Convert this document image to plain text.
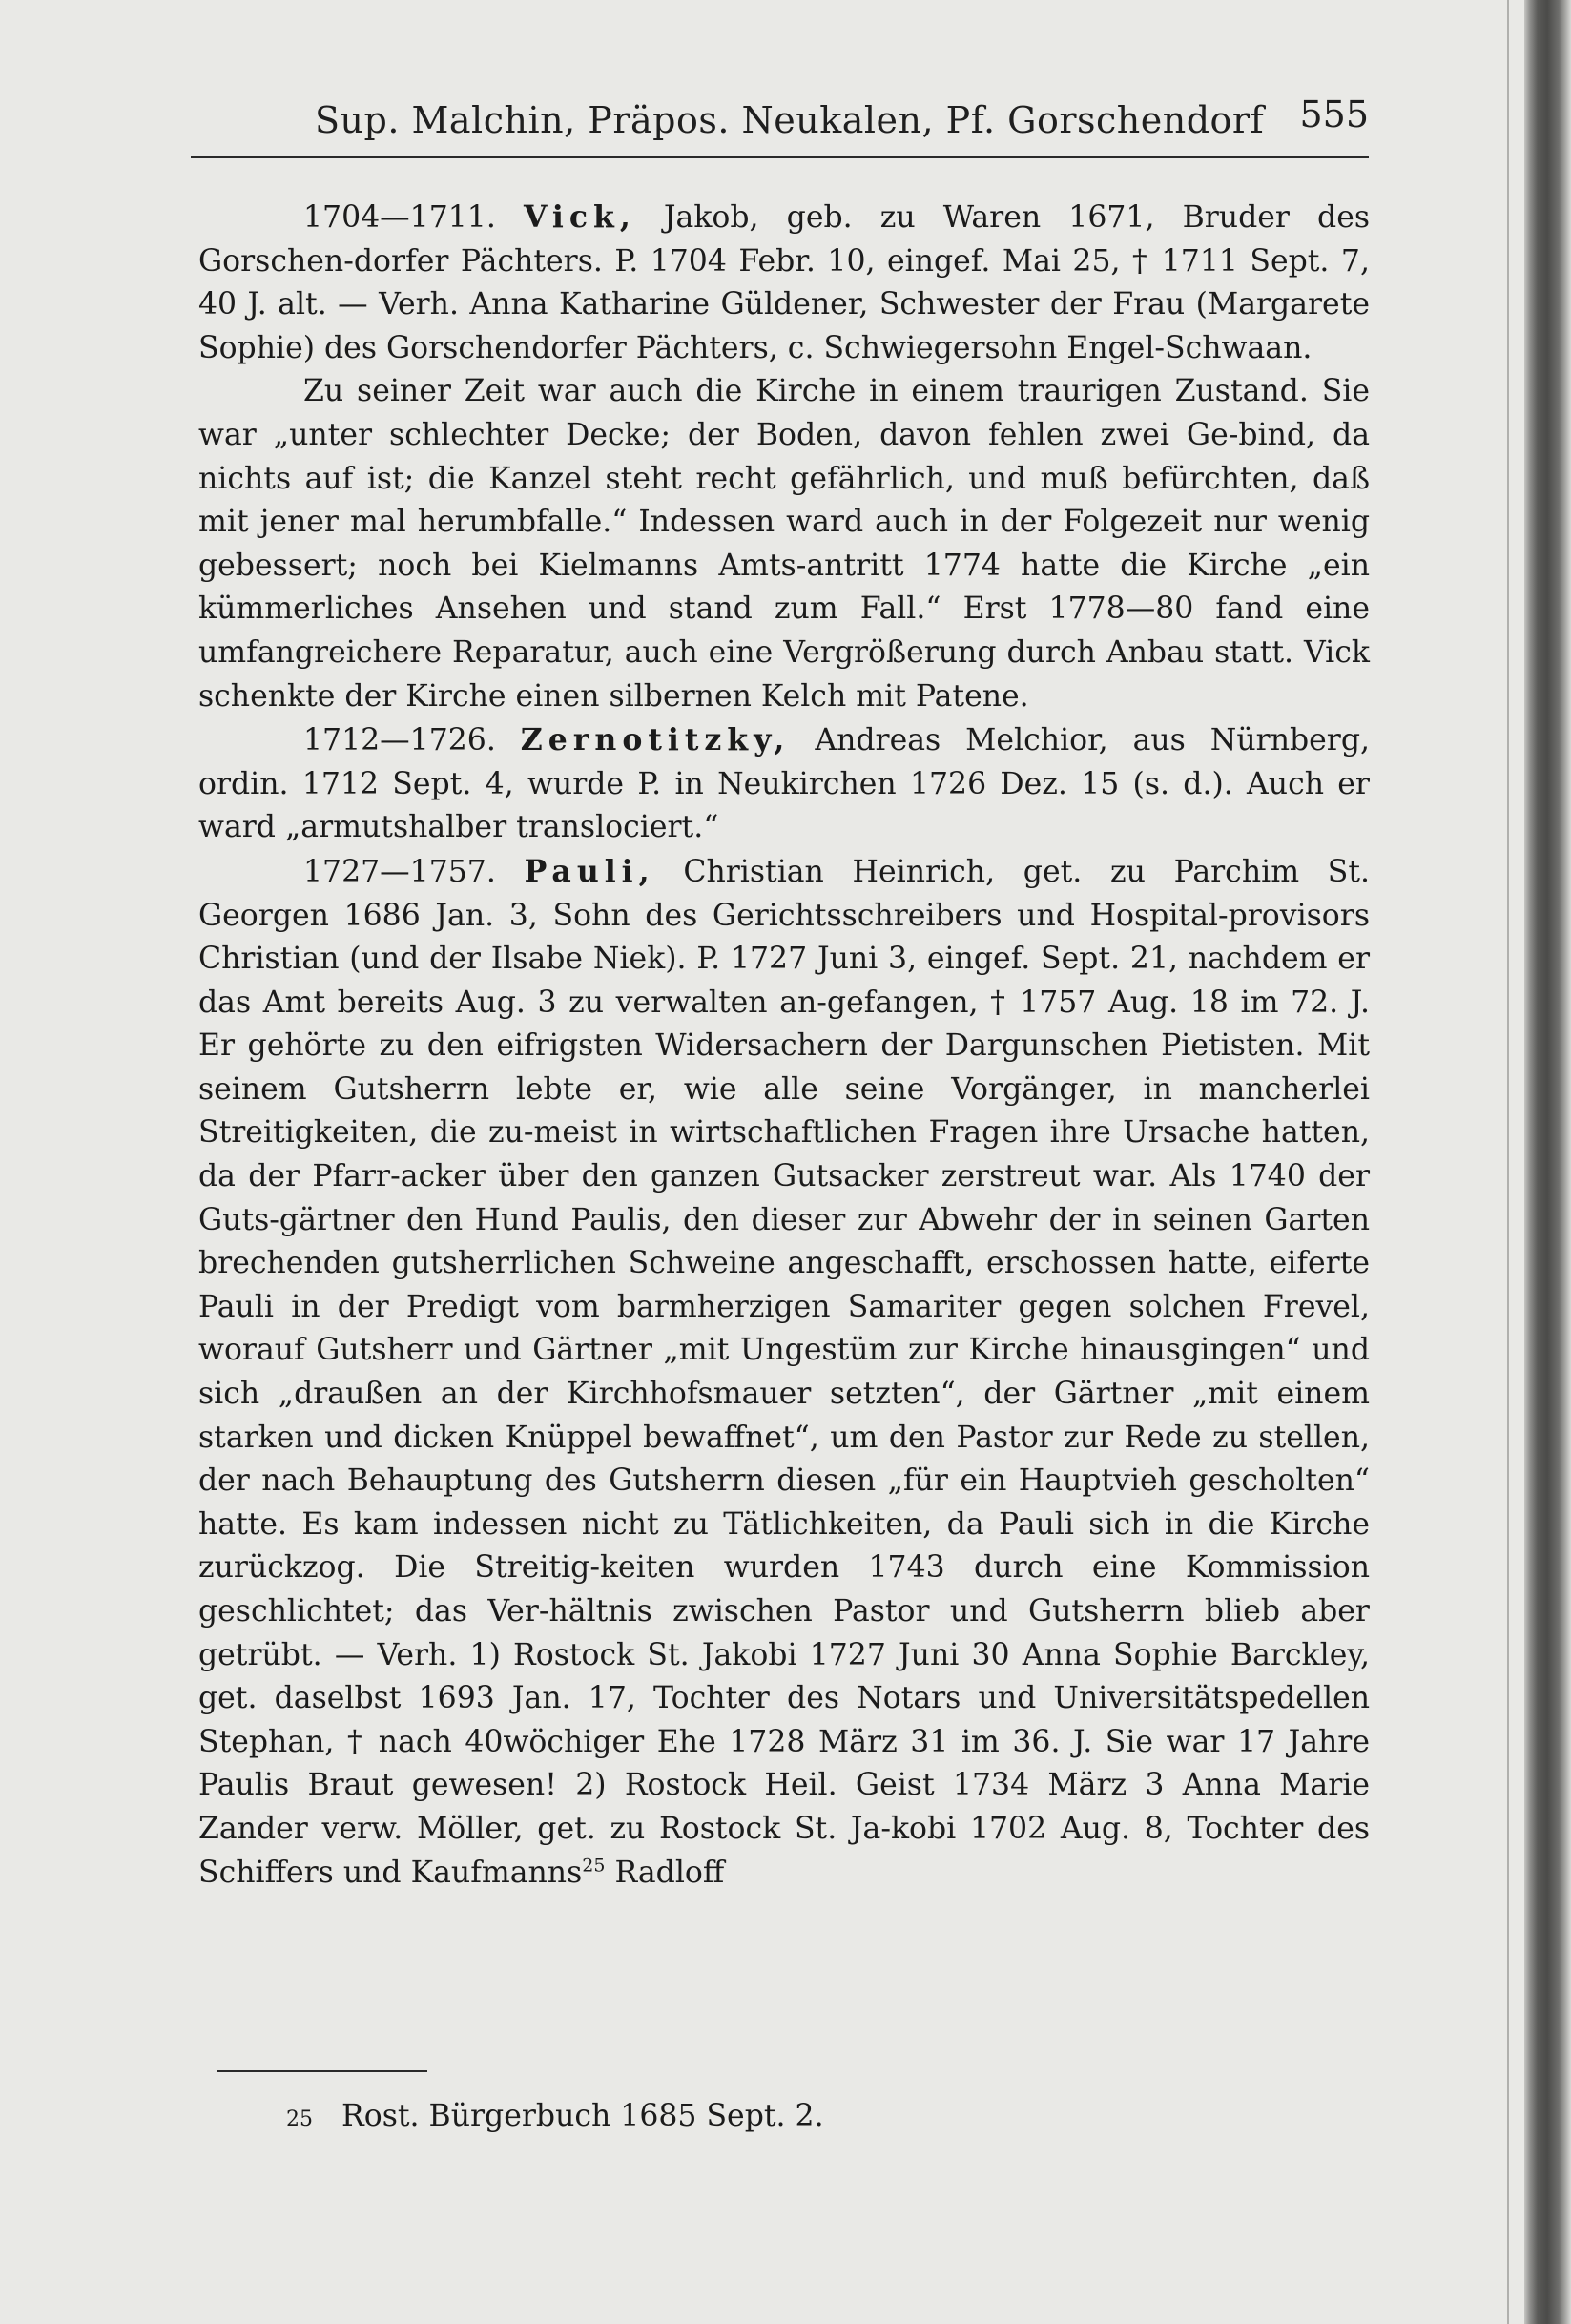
Sup. Malchin, Präpos. Neukalen, Pf. Gorschendorf 555

1704—1711. Vick, Jakob, geb. zu Waren 1671, Bruder des Gorschen-dorfer Pächters. P. 1704 Febr. 10, eingef. Mai 25, † 1711 Sept. 7, 40 J. alt. — Verh. Anna Katharine Güldener, Schwester der Frau (Margarete Sophie) des Gorschendorfer Pächters, c. Schwiegersohn Engel-Schwaan.

Zu seiner Zeit war auch die Kirche in einem traurigen Zustand. Sie war „unter schlechter Decke; der Boden, davon fehlen zwei Ge-bind, da nichts auf ist; die Kanzel steht recht gefährlich, und muß befürchten, daß mit jener mal herumbfalle.“ Indessen ward auch in der Folgezeit nur wenig gebessert; noch bei Kielmanns Amts-antritt 1774 hatte die Kirche „ein kümmerliches Ansehen und stand zum Fall.“ Erst 1778—80 fand eine umfangreichere Reparatur, auch eine Vergrößerung durch Anbau statt. Vick schenkte der Kirche einen silbernen Kelch mit Patene.

1712—1726. Zernotitzky, Andreas Melchior, aus Nürnberg, ordin. 1712 Sept. 4, wurde P. in Neukirchen 1726 Dez. 15 (s. d.). Auch er ward „armutshalber translociert.“

1727—1757. Pauli, Christian Heinrich, get. zu Parchim St. Georgen 1686 Jan. 3, Sohn des Gerichtsschreibers und Hospital-provisors Christian (und der Ilsabe Niek). P. 1727 Juni 3, eingef. Sept. 21, nachdem er das Amt bereits Aug. 3 zu verwalten an-gefangen, † 1757 Aug. 18 im 72. J. Er gehörte zu den eifrigsten Widersachern der Dargunschen Pietisten. Mit seinem Gutsherrn lebte er, wie alle seine Vorgänger, in mancherlei Streitigkeiten, die zu-meist in wirtschaftlichen Fragen ihre Ursache hatten, da der Pfarr-acker über den ganzen Gutsacker zerstreut war. Als 1740 der Guts-gärtner den Hund Paulis, den dieser zur Abwehr der in seinen Garten brechenden gutsherrlichen Schweine angeschafft, erschossen hatte, eiferte Pauli in der Predigt vom barmherzigen Samariter gegen solchen Frevel, worauf Gutsherr und Gärtner „mit Ungestüm zur Kirche hinausgingen“ und sich „draußen an der Kirchhofsmauer setzten“, der Gärtner „mit einem starken und dicken Knüppel bewaffnet“, um den Pastor zur Rede zu stellen, der nach Behauptung des Gutsherrn diesen „für ein Hauptvieh gescholten“ hatte. Es kam indessen nicht zu Tätlichkeiten, da Pauli sich in die Kirche zurückzog. Die Streitig-keiten wurden 1743 durch eine Kommission geschlichtet; das Ver-hältnis zwischen Pastor und Gutsherrn blieb aber getrübt. — Verh. 1) Rostock St. Jakobi 1727 Juni 30 Anna Sophie Barckley, get. daselbst 1693 Jan. 17, Tochter des Notars und Universitätspedellen Stephan, † nach 40wöchiger Ehe 1728 März 31 im 36. J. Sie war 17 Jahre Paulis Braut gewesen! 2) Rostock Heil. Geist 1734 März 3 Anna Marie Zander verw. Möller, get. zu Rostock St. Ja-kobi 1702 Aug. 8, Tochter des Schiffers und Kaufmanns$^{25}$ Radloff

25 Rost. Bürgerbuch 1685 Sept. 2.
